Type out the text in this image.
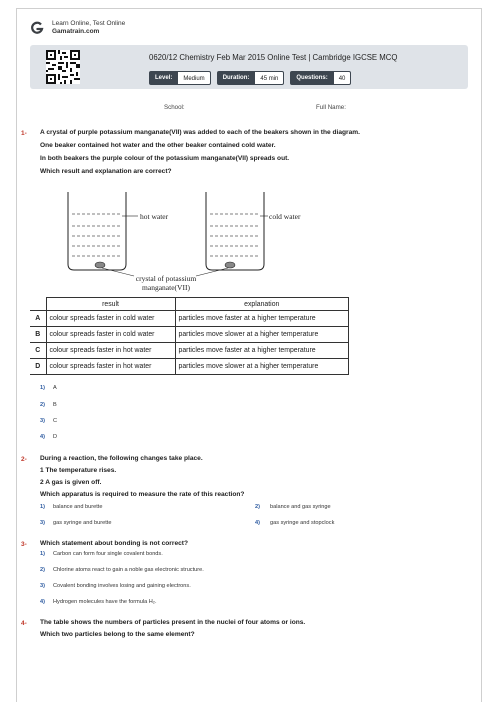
Learn Online, Test Online
Gamatrain.com
0620/12 Chemistry Feb Mar 2015 Online Test | Cambridge IGCSE MCQ
Level:	Medium	Duration:	45 min	Questions:	40
School:	Full Name:
1- A crystal of purple potassium manganate(VII) was added to each of the beakers shown in the diagram.
One beaker contained hot water and the other beaker contained cold water.
In both beakers the purple colour of the potassium manganate(VII) spreads out.
Which result and explanation are correct?
hot water	cold water
crystal of potassium
manganate(VII)
	result	explanation
A	colour spreads faster in cold water	particles move faster at a higher temperature
B	colour spreads faster in cold water	particles move slower at a higher temperature
C	colour spreads faster in hot water	particles move faster at a higher temperature
D	colour spreads faster in hot water	particles move slower at a higher temperature
1) A
2) B
3) C
4) D
2- During a reaction, the following changes take place.
1 The temperature rises.
2 A gas is given off.
Which apparatus is required to measure the rate of this reaction?
1) balance and burette	2) balance and gas syringe
3) gas syringe and burette	4) gas syringe and stopclock
3- Which statement about bonding is not correct?
1) Carbon can form four single covalent bonds.
2) Chlorine atoms react to gain a noble gas electronic structure.
3) Covalent bonding involves losing and gaining electrons.
4) Hydrogen molecules have the formula H₂.
4- The table shows the numbers of particles present in the nuclei of four atoms or ions.
Which two particles belong to the same element?
